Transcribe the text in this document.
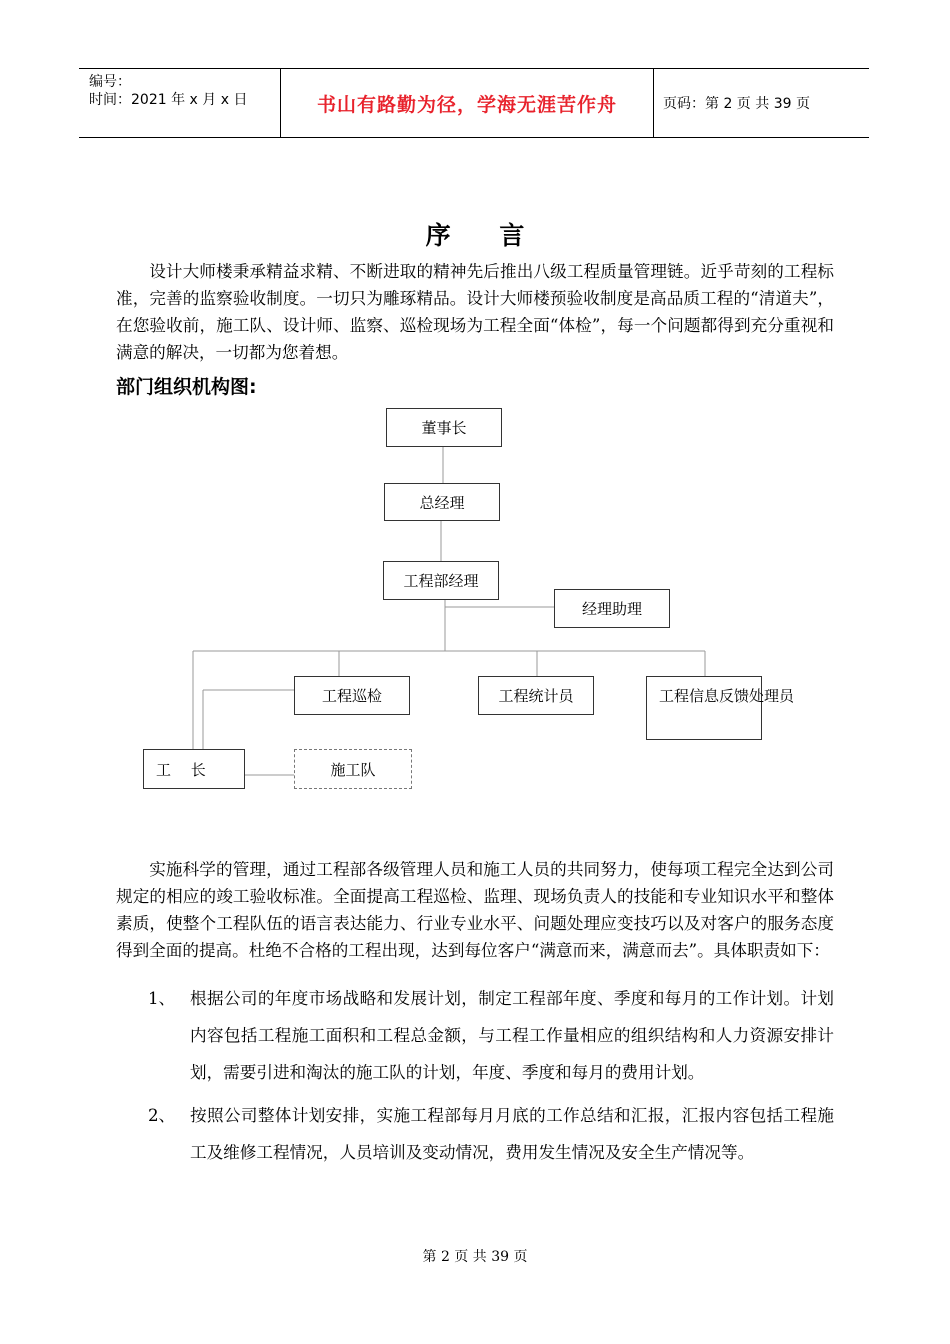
编号：
时间：2021 年 x 月 x 日	书山有路勤为径，学海无涯苦作舟	页码：第 2 页 共 39 页
序 言

设计大师楼秉承精益求精、不断进取的精神先后推出八级工程质量管理链。近乎苛刻的工程标准，完善的监察验收制度。一切只为雕琢精品。设计大师楼预验收制度是高品质工程的“清道夫”，在您验收前，施工队、设计师、监察、巡检现场为工程全面“体检”，每一个问题都得到充分重视和满意的解决，一切都为您着想。

部门组织机构图:
董事长
总经理
工程部经理
经理助理
工程巡检	工程统计员	工程信息反馈处理员
工　 长	施工队

实施科学的管理，通过工程部各级管理人员和施工人员的共同努力，使每项工程完全达到公司规定的相应的竣工验收标准。全面提高工程巡检、监理、现场负责人的技能和专业知识水平和整体素质，使整个工程队伍的语言表达能力、行业专业水平、问题处理应变技巧以及对客户的服务态度得到全面的提高。杜绝不合格的工程出现，达到每位客户“满意而来，满意而去”。具体职责如下：

1、 根据公司的年度市场战略和发展计划，制定工程部年度、季度和每月的工作计划。计划内容包括工程施工面积和工程总金额，与工程工作量相应的组织结构和人力资源安排计划，需要引进和淘汰的施工队的计划，年度、季度和每月的费用计划。
2、 按照公司整体计划安排，实施工程部每月月底的工作总结和汇报，汇报内容包括工程施工及维修工程情况，人员培训及变动情况，费用发生情况及安全生产情况等。
第 2 页 共 39 页
